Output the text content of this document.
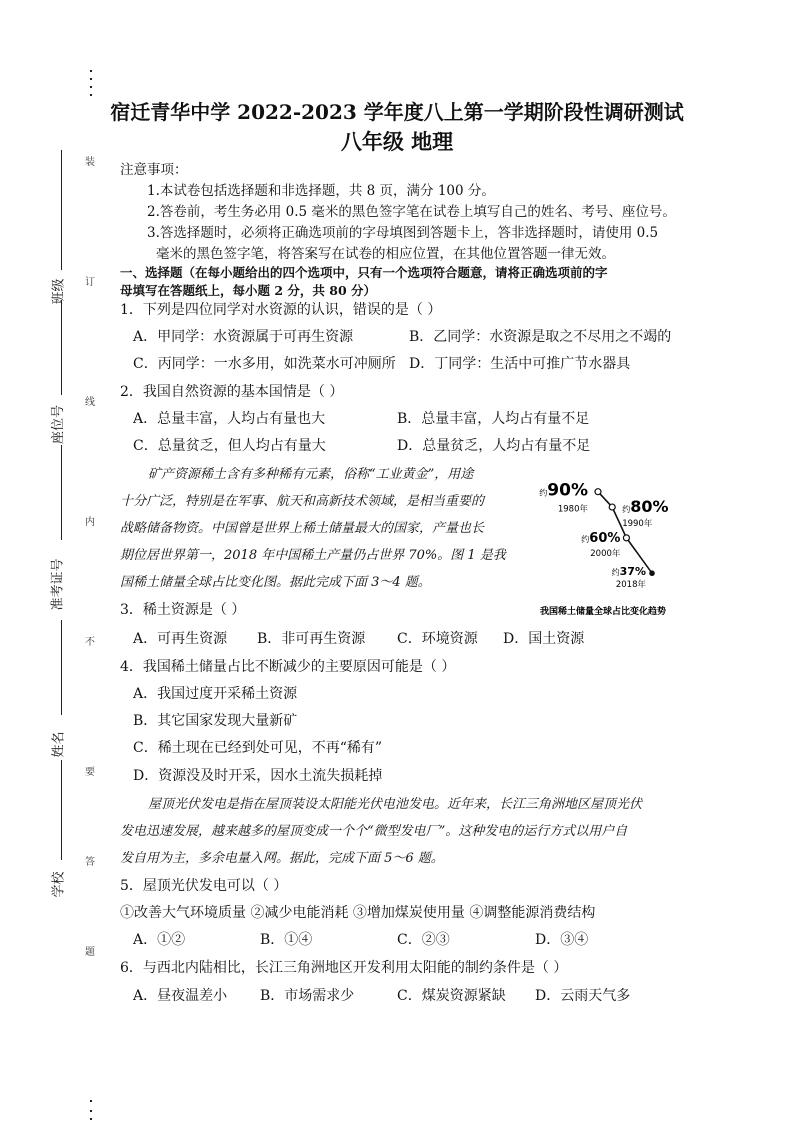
装
订
线
内
不
要
答
题
班级
座位号
准考证号
姓名
学校
宿迁青华中学 2022-2023 学年度八上第一学期阶段性调研测试
八年级 地理
注意事项：
1.本试卷包括选择题和非选择题，共 8 页，满分 100 分。
2.答卷前，考生务必用 0.5 毫米的黑色签字笔在试卷上填写自己的姓名、考号、座位号。
3.答选择题时，必须将正确选项前的字母填图到答题卡上，答非选择题时，请使用 0.5
毫米的黑色签字笔，将答案写在试卷的相应位置，在其他位置答题一律无效。
一、选择题（在每小题给出的四个选项中，只有一个选项符合题意，请将正确选项前的字
母填写在答题纸上，每小题 2 分，共 80 分）
1．下列是四位同学对水资源的认识，错误的是（ ）
A．甲同学：水资源属于可再生资源	B．乙同学：水资源是取之不尽用之不竭的
C．丙同学：一水多用，如洗菜水可冲厕所 D．丁同学：生活中可推广节水器具
2．我国自然资源的基本国情是（ ）
A．总量丰富，人均占有量也大	B．总量丰富，人均占有量不足
C．总量贫乏，但人均占有量大	D．总量贫乏，人均占有量不足
矿产资源稀土含有多种稀有元素，俗称“工业黄金”，用途
十分广泛，特别是在军事、航天和高新技术领域，是相当重要的
战略储备物资。中国曾是世界上稀土储量最大的国家，产量也长
期位居世界第一，2018 年中国稀土产量仍占世界 70%。图 1 是我
国稀土储量全球占比变化图。据此完成下面 3～4 题。
约90%
1980年	约80%
1990年
约60%
2000年
约37%
2018年
我国稀土储量全球占比变化趋势
3．稀土资源是（ ）
A．可再生资源 B．非可再生资源 C．环境资源 D．国土资源
4．我国稀土储量占比不断减少的主要原因可能是（ ）
A．我国过度开采稀土资源
B．其它国家发现大量新矿
C．稀土现在已经到处可见，不再“稀有”
D．资源没及时开采，因水土流失损耗掉
屋顶光伏发电是指在屋顶装设太阳能光伏电池发电。近年来，长江三角洲地区屋顶光伏
发电迅速发展，越来越多的屋顶变成一个个“微型发电厂”。这种发电的运行方式以用户自
发自用为主，多余电量入网。据此，完成下面 5～6 题。
5．屋顶光伏发电可以（ ）
①改善大气环境质量 ②减少电能消耗 ③增加煤炭使用量 ④调整能源消费结构
A．①②	B．①④	C．②③	D．③④
6．与西北内陆相比，长江三角洲地区开发利用太阳能的制约条件是（ ）
A．昼夜温差小 B．市场需求少	C．煤炭资源紧缺 D．云雨天气多
